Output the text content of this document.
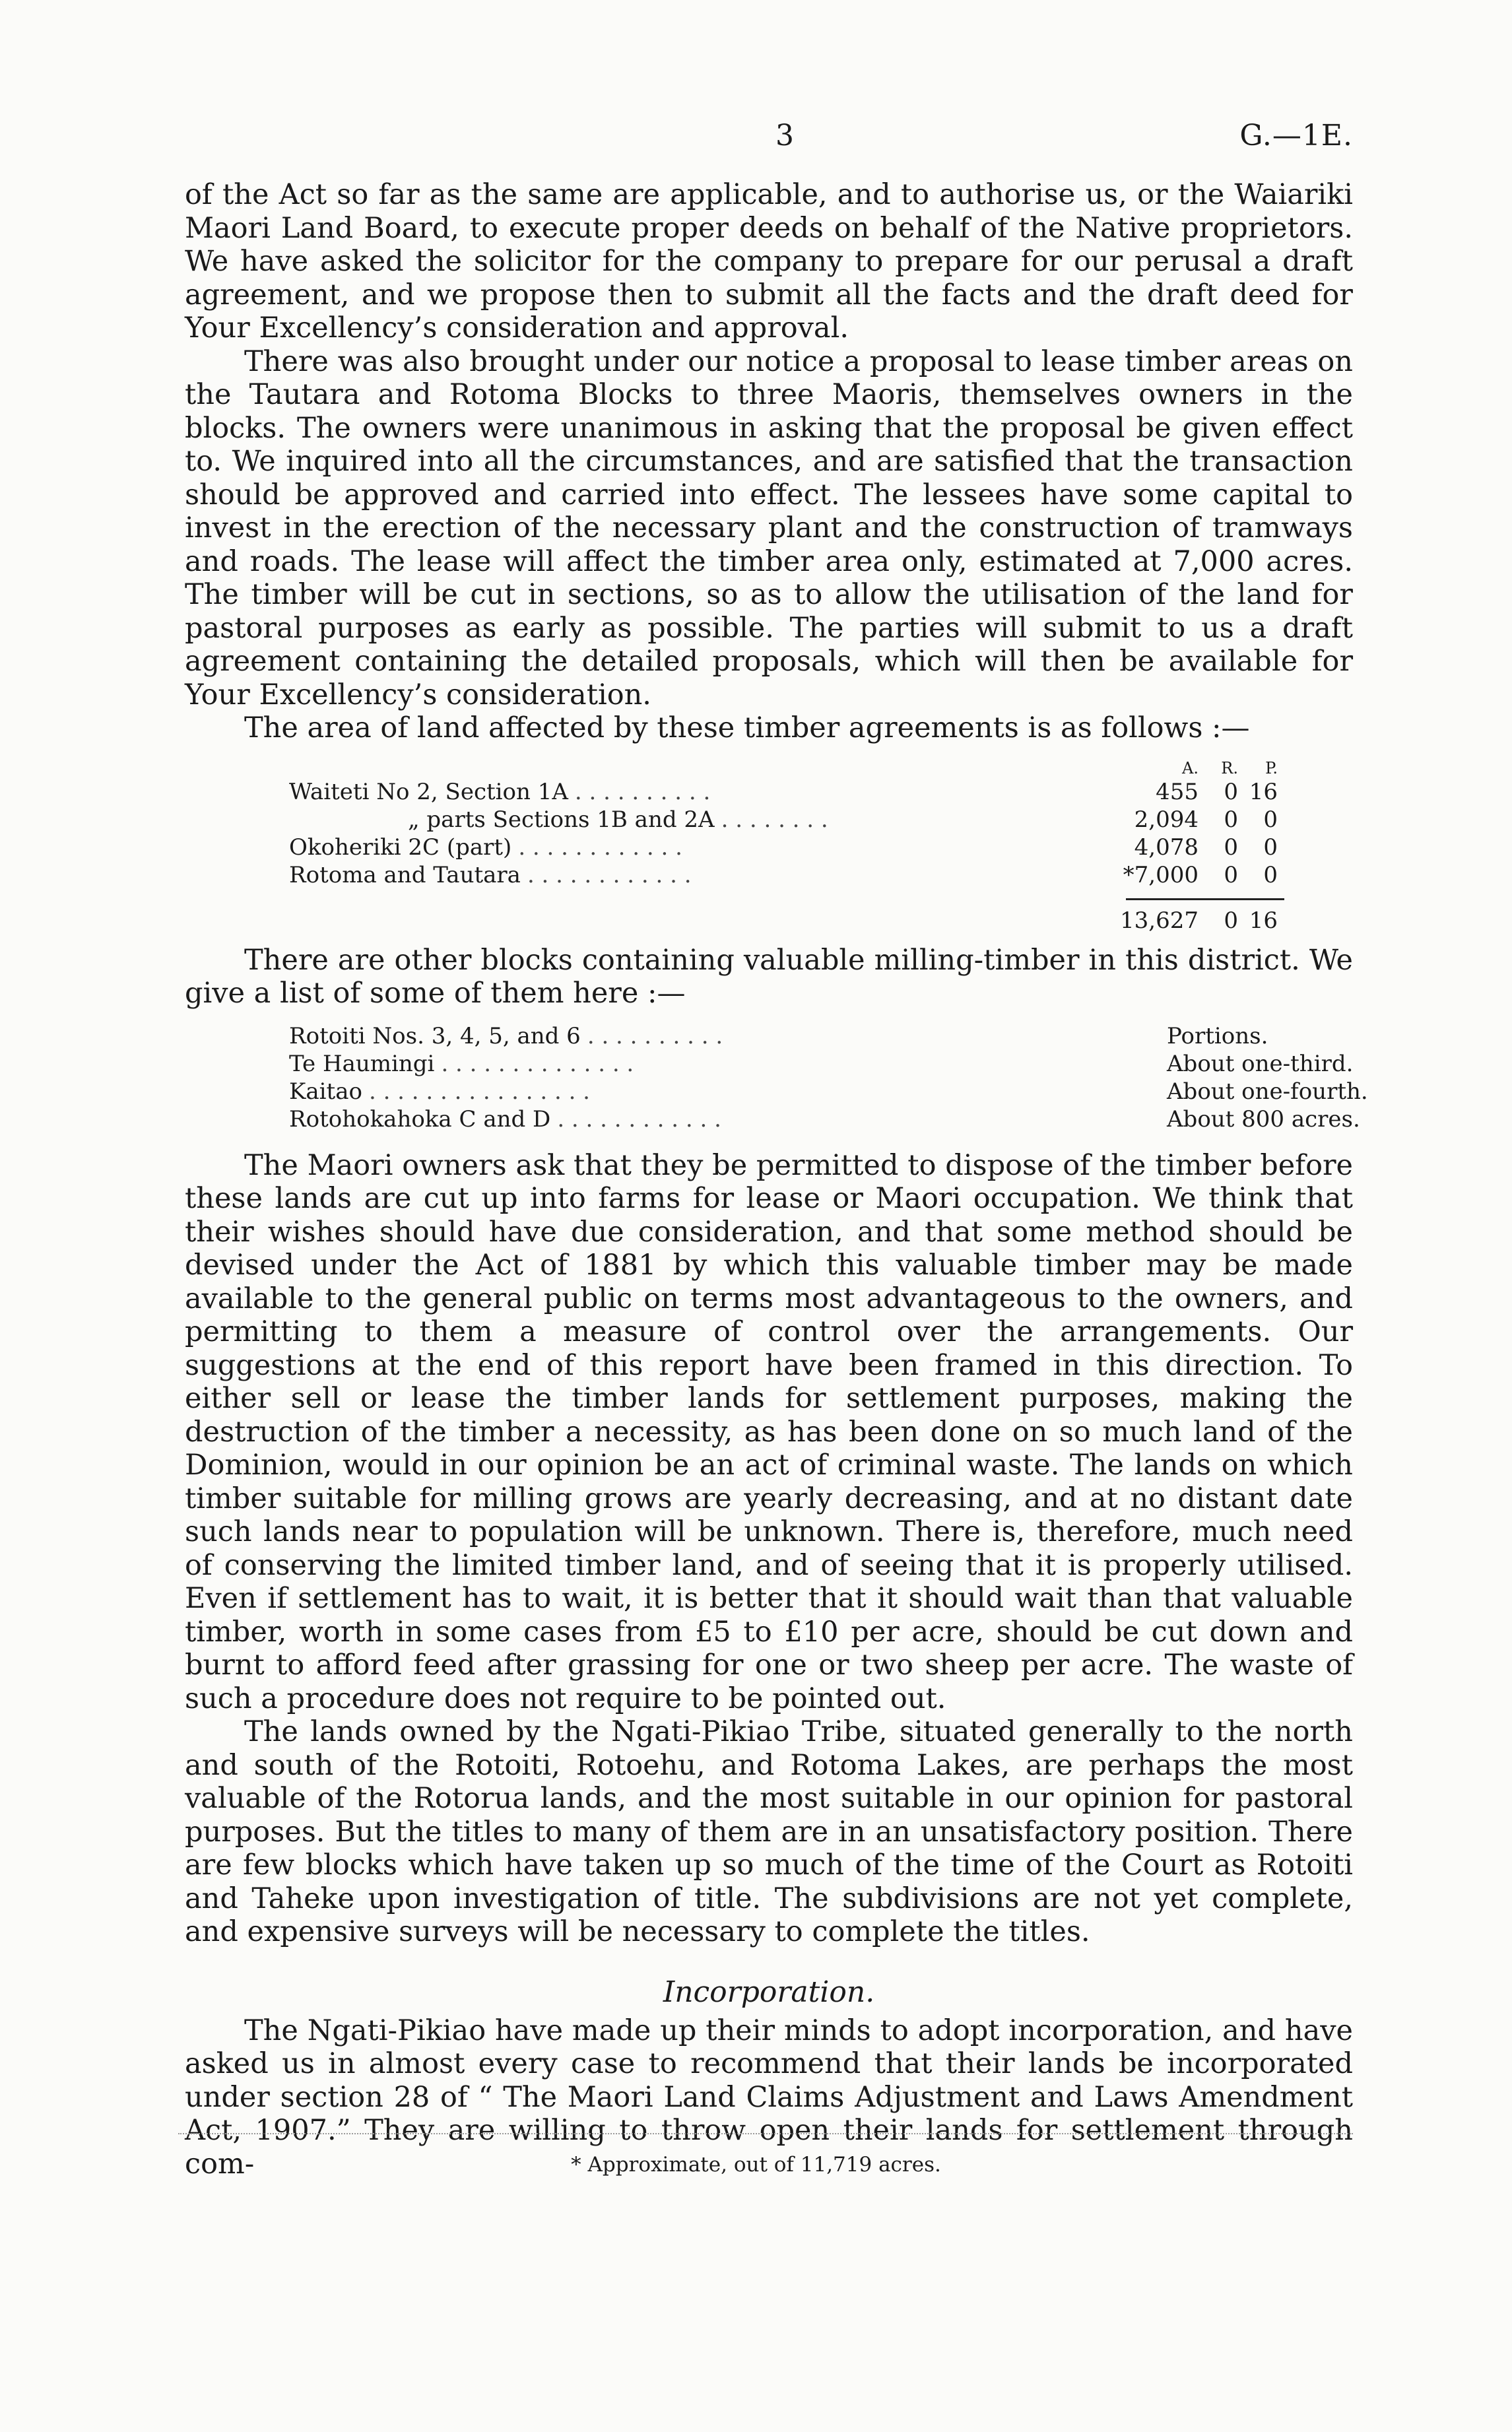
3	G.—1E.

of the Act so far as the same are applicable, and to authorise us, or the Waiariki Maori Land Board, to execute proper deeds on behalf of the Native proprietors. We have asked the solicitor for the company to prepare for our perusal a draft agreement, and we propose then to submit all the facts and the draft deed for Your Excellency’s consideration and approval.

There was also brought under our notice a proposal to lease timber areas on the Tautara and Rotoma Blocks to three Maoris, themselves owners in the blocks. The owners were unanimous in asking that the proposal be given effect to. We inquired into all the circumstances, and are satisfied that the transaction should be approved and carried into effect. The lessees have some capital to invest in the erection of the necessary plant and the construction of tramways and roads. The lease will affect the timber area only, estimated at 7,000 acres. The timber will be cut in sections, so as to allow the utilisation of the land for pastoral purposes as early as possible. The parties will submit to us a draft agreement containing the detailed proposals, which will then be available for Your Excellency’s consideration.

The area of land affected by these timber agreements is as follows :—

A.	R.	P.
Waiteti No 2, Section 1A . . . . . . . . . .	455	0 16
„ parts Sections 1B and 2A . . . . . . . .	2,094	0	0
Okoheriki 2C (part) . . . . . . . . . . . .	4,078	0	0
Rotoma and Tautara . . . . . . . . . . . .	*7,000	0	0
13,627	0 16

There are other blocks containing valuable milling-timber in this district. We give a list of some of them here :—

Rotoiti Nos. 3, 4, 5, and 6 . . . . . . . . . .	Portions.
Te Haumingi . . . . . . . . . . . . . .	About one-third.
Kaitao . . . . . . . . . . . . . . . .	About one-fourth.
Rotohokahoka C and D . . . . . . . . . . . .	About 800 acres.

The Maori owners ask that they be permitted to dispose of the timber before these lands are cut up into farms for lease or Maori occupation. We think that their wishes should have due consideration, and that some method should be devised under the Act of 1881 by which this valuable timber may be made available to the general public on terms most advantageous to the owners, and permitting to them a measure of control over the arrangements. Our suggestions at the end of this report have been framed in this direction. To either sell or lease the timber lands for settlement purposes, making the destruction of the timber a necessity, as has been done on so much land of the Dominion, would in our opinion be an act of criminal waste. The lands on which timber suitable for milling grows are yearly decreasing, and at no distant date such lands near to population will be unknown. There is, therefore, much need of conserving the limited timber land, and of seeing that it is properly utilised. Even if settlement has to wait, it is better that it should wait than that valuable timber, worth in some cases from £5 to £10 per acre, should be cut down and burnt to afford feed after grassing for one or two sheep per acre. The waste of such a procedure does not require to be pointed out.

The lands owned by the Ngati-Pikiao Tribe, situated generally to the north and south of the Rotoiti, Rotoehu, and Rotoma Lakes, are perhaps the most valuable of the Rotorua lands, and the most suitable in our opinion for pastoral purposes. But the titles to many of them are in an unsatisfactory position. There are few blocks which have taken up so much of the time of the Court as Rotoiti and Taheke upon investigation of title. The subdivisions are not yet complete, and expensive surveys will be necessary to complete the titles.

Incorporation.

The Ngati-Pikiao have made up their minds to adopt incorporation, and have asked us in almost every case to recommend that their lands be incorporated under section 28 of “ The Maori Land Claims Adjustment and Laws Amendment Act, 1907.” They are willing to throw open their lands for settlement through com-	* Approximate, out of 11,719 acres.
